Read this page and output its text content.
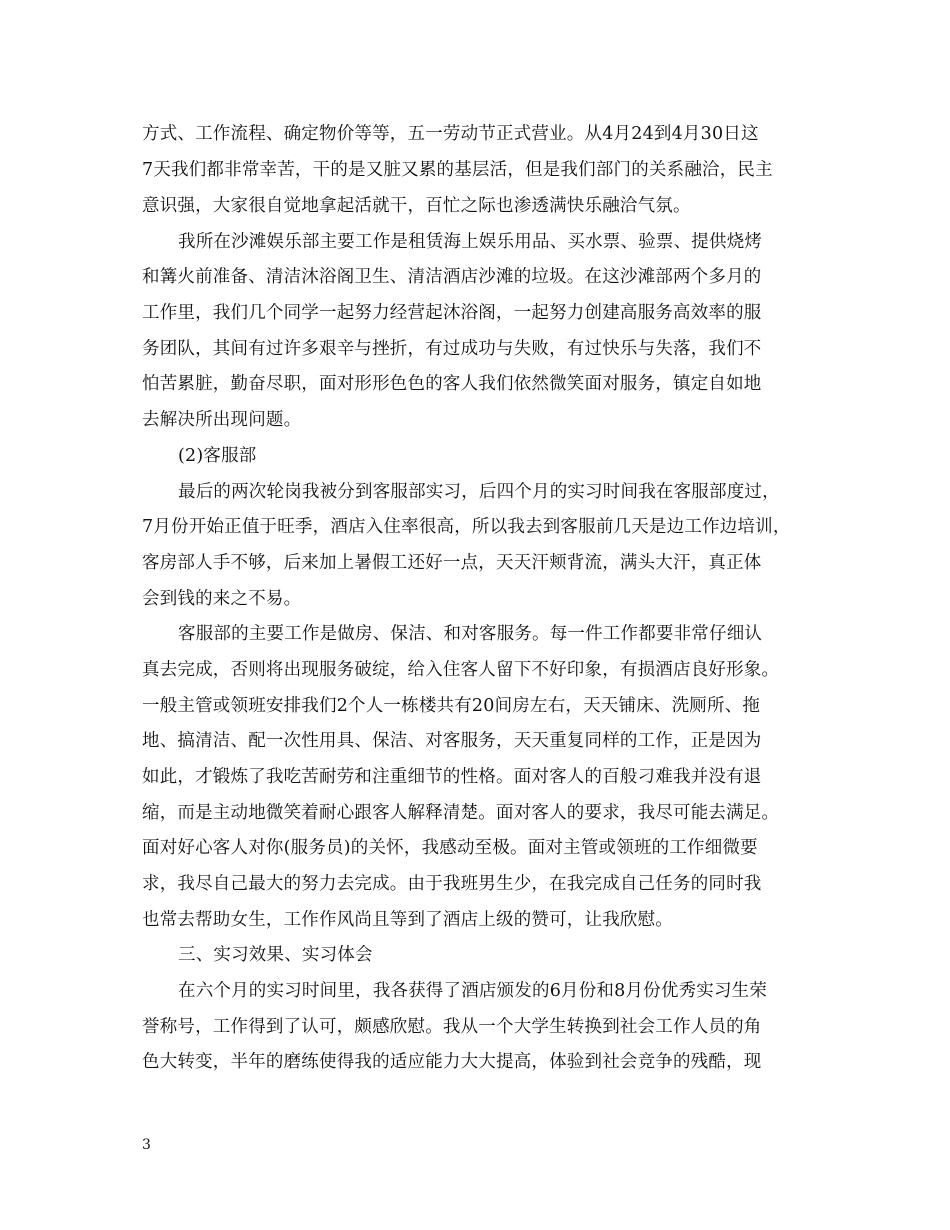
方式、工作流程、确定物价等等，五一劳动节正式营业。从4月24到4月30日这
7天我们都非常幸苦，干的是又脏又累的基层活，但是我们部门的关系融洽，民主
意识强，大家很自觉地拿起活就干，百忙之际也渗透满快乐融洽气氛。
我所在沙滩娱乐部主要工作是租赁海上娱乐用品、买水票、验票、提供烧烤
和篝火前准备、清洁沐浴阁卫生、清洁酒店沙滩的垃圾。在这沙滩部两个多月的
工作里，我们几个同学一起努力经营起沐浴阁，一起努力创建高服务高效率的服
务团队，其间有过许多艰辛与挫折，有过成功与失败，有过快乐与失落，我们不
怕苦累脏，勤奋尽职，面对形形色色的客人我们依然微笑面对服务，镇定自如地
去解决所出现问题。
(2)客服部
最后的两次轮岗我被分到客服部实习，后四个月的实习时间我在客服部度过，
7月份开始正值于旺季，酒店入住率很高，所以我去到客服前几天是边工作边培训，
客房部人手不够，后来加上暑假工还好一点，天天汗颊背流，满头大汗，真正体
会到钱的来之不易。
客服部的主要工作是做房、保洁、和对客服务。每一件工作都要非常仔细认
真去完成，否则将出现服务破绽，给入住客人留下不好印象，有损酒店良好形象。
一般主管或领班安排我们2个人一栋楼共有20间房左右，天天铺床、洗厕所、拖
地、搞清洁、配一次性用具、保洁、对客服务，天天重复同样的工作，正是因为
如此，才锻炼了我吃苦耐劳和注重细节的性格。面对客人的百般刁难我并没有退
缩，而是主动地微笑着耐心跟客人解释清楚。面对客人的要求，我尽可能去满足。
面对好心客人对你(服务员)的关怀，我感动至极。面对主管或领班的工作细微要
求，我尽自己最大的努力去完成。由于我班男生少，在我完成自己任务的同时我
也常去帮助女生，工作作风尚且等到了酒店上级的赞可，让我欣慰。
三、实习效果、实习体会
在六个月的实习时间里，我各获得了酒店颁发的6月份和8月份优秀实习生荣
誉称号，工作得到了认可，颇感欣慰。我从一个大学生转换到社会工作人员的角
色大转变，半年的磨练使得我的适应能力大大提高，体验到社会竞争的残酷，现
3
